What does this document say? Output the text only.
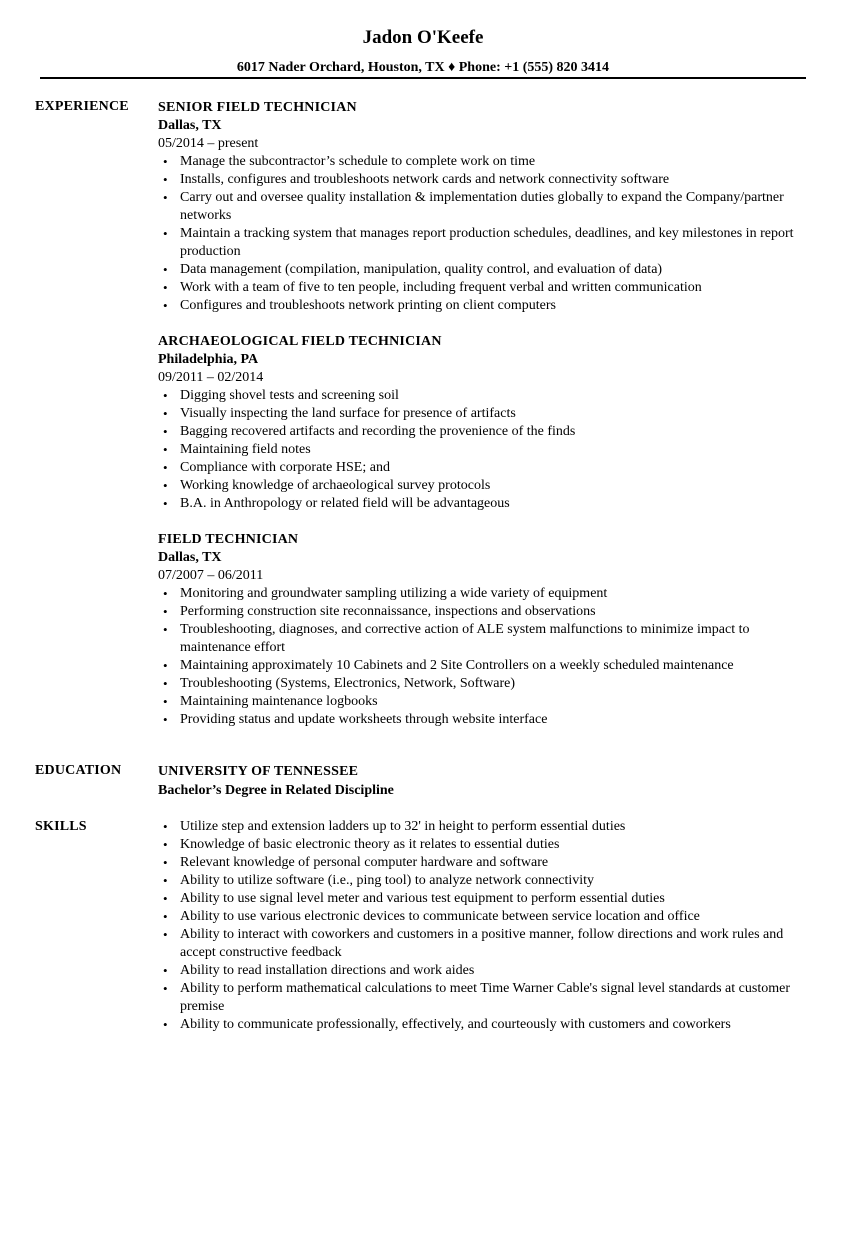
Jadon O'Keefe
6017 Nader Orchard, Houston, TX ♦ Phone: +1 (555) 820 3414
EXPERIENCE SENIOR FIELD TECHNICIAN
Dallas, TX
05/2014 – present
• Manage the subcontractor’s schedule to complete work on time
• Installs, configures and troubleshoots network cards and network connectivity software
• Carry out and oversee quality installation & implementation duties globally to expand the Company/partner networks
• Maintain a tracking system that manages report production schedules, deadlines, and key milestones in report production
• Data management (compilation, manipulation, quality control, and evaluation of data)
• Work with a team of five to ten people, including frequent verbal and written communication
• Configures and troubleshoots network printing on client computers
ARCHAEOLOGICAL FIELD TECHNICIAN
Philadelphia, PA
09/2011 – 02/2014
• Digging shovel tests and screening soil
• Visually inspecting the land surface for presence of artifacts
• Bagging recovered artifacts and recording the provenience of the finds
• Maintaining field notes
• Compliance with corporate HSE; and
• Working knowledge of archaeological survey protocols
• B.A. in Anthropology or related field will be advantageous
FIELD TECHNICIAN
Dallas, TX
07/2007 – 06/2011
• Monitoring and groundwater sampling utilizing a wide variety of equipment
• Performing construction site reconnaissance, inspections and observations
• Troubleshooting, diagnoses, and corrective action of ALE system malfunctions to minimize impact to maintenance effort
• Maintaining approximately 10 Cabinets and 2 Site Controllers on a weekly scheduled maintenance
• Troubleshooting (Systems, Electronics, Network, Software)
• Maintaining maintenance logbooks
• Providing status and update worksheets through website interface
EDUCATION	UNIVERSITY OF TENNESSEE
Bachelor’s Degree in Related Discipline
SKILLS
•	Utilize step and extension ladders up to 32' in height to perform essential duties
• Knowledge of basic electronic theory as it relates to essential duties
• Relevant knowledge of personal computer hardware and software
• Ability to utilize software (i.e., ping tool) to analyze network connectivity
• Ability to use signal level meter and various test equipment to perform essential duties
• Ability to use various electronic devices to communicate between service location and office
• Ability to interact with coworkers and customers in a positive manner, follow directions and work rules and accept constructive feedback
• Ability to read installation directions and work aides
• Ability to perform mathematical calculations to meet Time Warner Cable's signal level standards at customer premise
• Ability to communicate professionally, effectively, and courteously with customers and coworkers
